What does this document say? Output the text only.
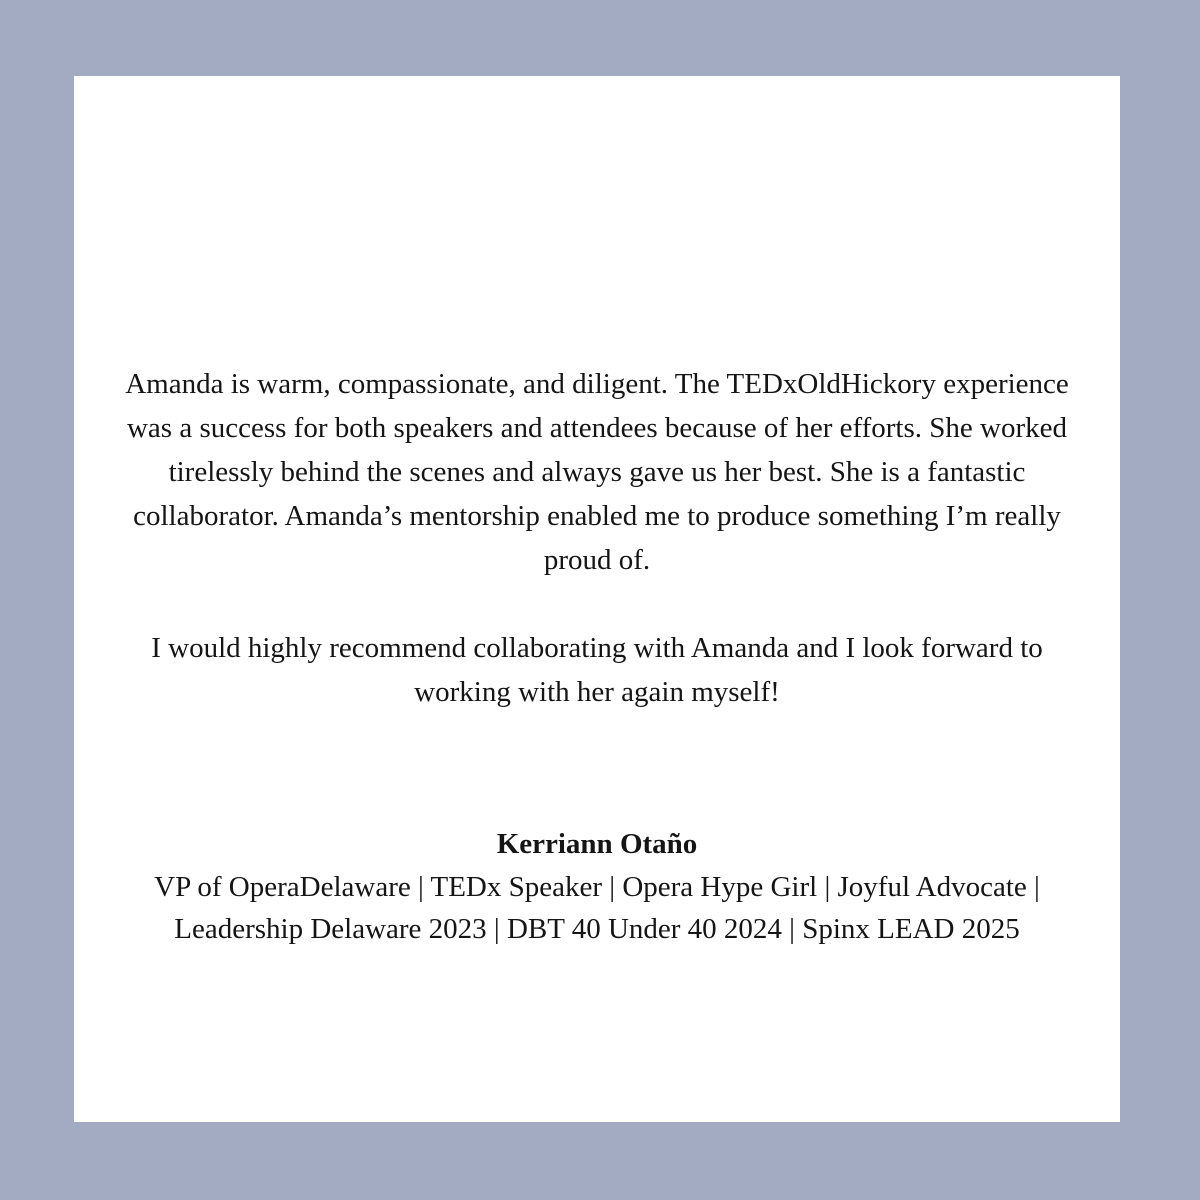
Amanda is warm, compassionate, and diligent. The TEDxOldHickory experience was a success for both speakers and attendees because of her efforts. She worked tirelessly behind the scenes and always gave us her best. She is a fantastic collaborator. Amanda’s mentorship enabled me to produce something I’m really proud of.

I would highly recommend collaborating with Amanda and I look forward to working with her again myself!

Kerriann Otaño
VP of OperaDelaware | TEDx Speaker | Opera Hype Girl | Joyful Advocate | Leadership Delaware 2023 | DBT 40 Under 40 2024 | Spinx LEAD 2025
